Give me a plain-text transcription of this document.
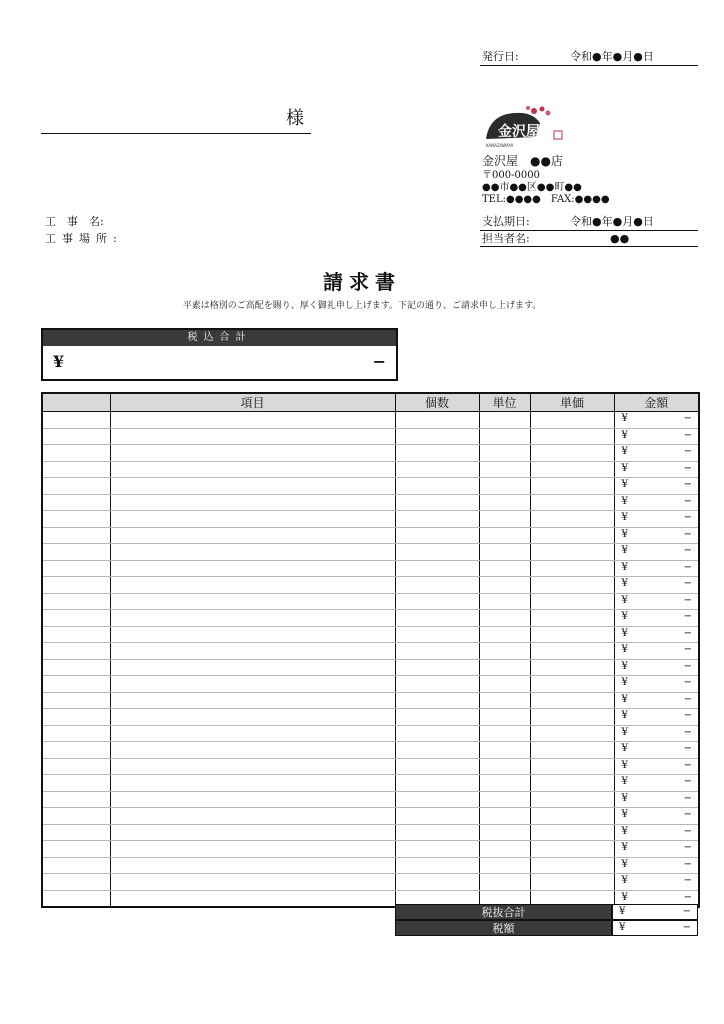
発行日:	令和●年●月●日
様
金沢屋
KANAZAWAYA
金沢屋　●●店
〒000-0000
●●市●●区●●町●●
TEL:●●●●　FAX:●●●●
工　事　名:
工事場所:
支払期日:	令和●年●月●日
担当者名:	●●
請求書
平素は格別のご高配を賜り、厚く御礼申し上げます。下記の通り、ご請求申し上げます。
税込合計
¥	−
	項目	個数	単位	単価	金額

					¥ −

					¥ −

					¥ −

					¥ −

					¥ −

					¥ −

					¥ −

					¥ −

					¥ −

					¥ −

					¥ −

					¥ −

					¥ −

					¥ −

					¥ −

					¥ −

					¥ −

					¥ −

					¥ −

					¥ −

					¥ −

					¥ −

					¥ −

					¥ −

					¥ −

					¥ −

					¥ −

					¥ −

					¥ −

					¥ −
税抜合計	¥	−
税額	¥	−
